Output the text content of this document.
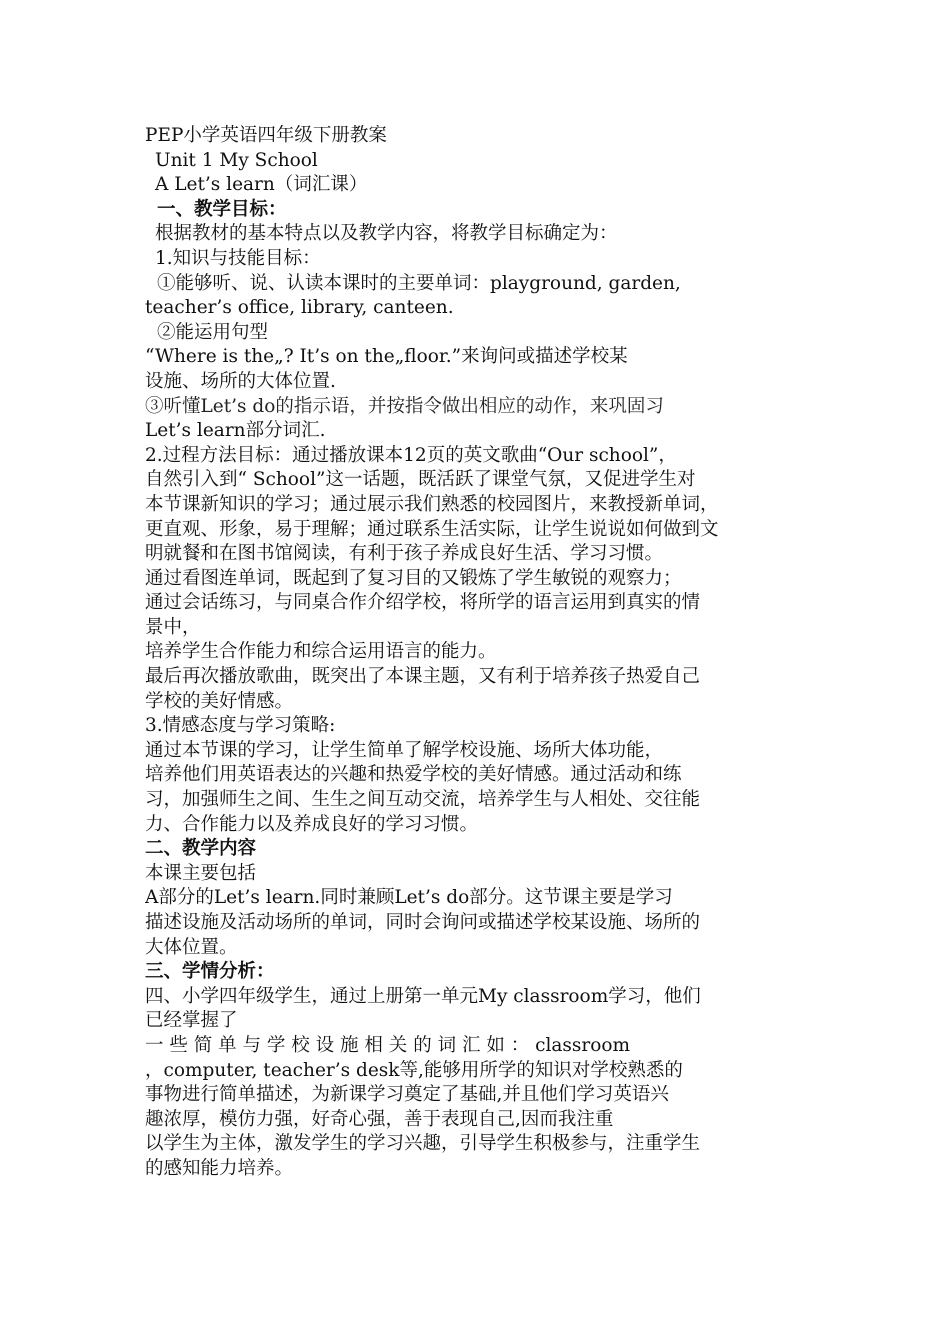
PEP小学英语四年级下册教案
Unit 1 My School
A Let’s learn（词汇课）
一、教学目标：
根据教材的基本特点以及教学内容，将教学目标确定为：
1.知识与技能目标：
①能够听、说、认读本课时的主要单词：playground, garden,
teacher’s office, library, canteen.
②能运用句型
“Where is the„? It’s on the„floor.”来询问或描述学校某
设施、场所的大体位置.
③听懂Let’s do的指示语，并按指令做出相应的动作，来巩固习
Let’s learn部分词汇.
2.过程方法目标：通过播放课本12页的英文歌曲“Our school”，
自然引入到“ School”这一话题，既活跃了课堂气氛，又促进学生对
本节课新知识的学习；通过展示我们熟悉的校园图片，来教授新单词，
更直观、形象，易于理解；通过联系生活实际，让学生说说如何做到文
明就餐和在图书馆阅读，有利于孩子养成良好生活、学习习惯。
通过看图连单词，既起到了复习目的又锻炼了学生敏锐的观察力；
通过会话练习，与同桌合作介绍学校，将所学的语言运用到真实的情
景中，
培养学生合作能力和综合运用语言的能力。
最后再次播放歌曲，既突出了本课主题，又有利于培养孩子热爱自己
学校的美好情感。
3.情感态度与学习策略:
通过本节课的学习，让学生简单了解学校设施、场所大体功能，
培养他们用英语表达的兴趣和热爱学校的美好情感。通过活动和练
习，加强师生之间、生生之间互动交流，培养学生与人相处、交往能
力、合作能力以及养成良好的学习习惯。
二、教学内容
本课主要包括
A部分的Let’s learn.同时兼顾Let’s do部分。这节课主要是学习
描述设施及活动场所的单词，同时会询问或描述学校某设施、场所的
大体位置。
三、学情分析：
四、小学四年级学生，通过上册第一单元My classroom学习，他们
已经掌握了
一 些 简 单 与 学 校 设 施 相 关 的 词 汇 如 ： classroom
，computer, teacher’s desk等,能够用所学的知识对学校熟悉的
事物进行简单描述，为新课学习奠定了基础,并且他们学习英语兴
趣浓厚，模仿力强，好奇心强，善于表现自己,因而我注重
以学生为主体，激发学生的学习兴趣，引导学生积极参与，注重学生
的感知能力培养。
